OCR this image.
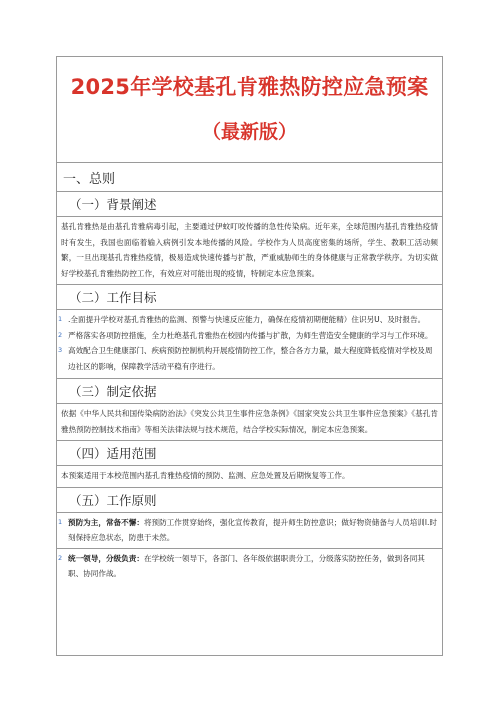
2025年学校基孔肯雅热防控应急预案
（最新版）
一、总则
（一）背景阐述
基孔肯雅热是由基孔肯雅病毒引起，主要通过伊蚊叮咬传播的急性传染病。近年来，全球范围内基孔肯雅热疫情时有发生，我国也面临着输入病例引发本地传播的风险。学校作为人员高度密集的场所，学生、教职工活动频繁，一旦出现基孔肯雅热疫情，极易造成快速传播与扩散，严重威胁师生的身体健康与正常教学秩序。为切实做好学校基孔肯雅热防控工作，有效应对可能出现的疫情，特制定本应急预案。
（二）工作目标
1 .全面提升学校对基孔肯雅热的监测、预警与快速反应能力，确保在疫情初期便能精）住识另U、及时报告。
2 严格落实各项防控措施，全力杜绝基孔肯雅热在校园内传播与扩散，为师生营造安全健康的学习与工作环境。
3 高效配合卫生健康部门、疾病预防控制机构开展疫情防控工作，整合各方力量，最大程度降低疫情对学校及周边社区的影响，保障教学活动平稳有序进行。
（三）制定依据
依据《中华人民共和国传染病防治法》《突发公共卫生事件应急条例》《国家突发公共卫生事件应急预案》《基孔肯雅热预防控制技术指南》等相关法律法规与技术规范，结合学校实际情况，制定本应急预案。
（四）适用范围
本预案适用于本校范围内基孔肯雅热疫情的预防、监测、应急处置及后期恢复等工作。
（五）工作原则
1 预防为主，常备不懈：将预防工作贯穿始终，强化宣传教育，提升师生防控意识；做好物资储备与人员培训l.时刻保持应急状态，防患于未然。
2 统一领导，分级负责：在学校统一领导下，各部门、各年级依据职责分工，分级落实防控任务，做到各同其职、协同作战。
